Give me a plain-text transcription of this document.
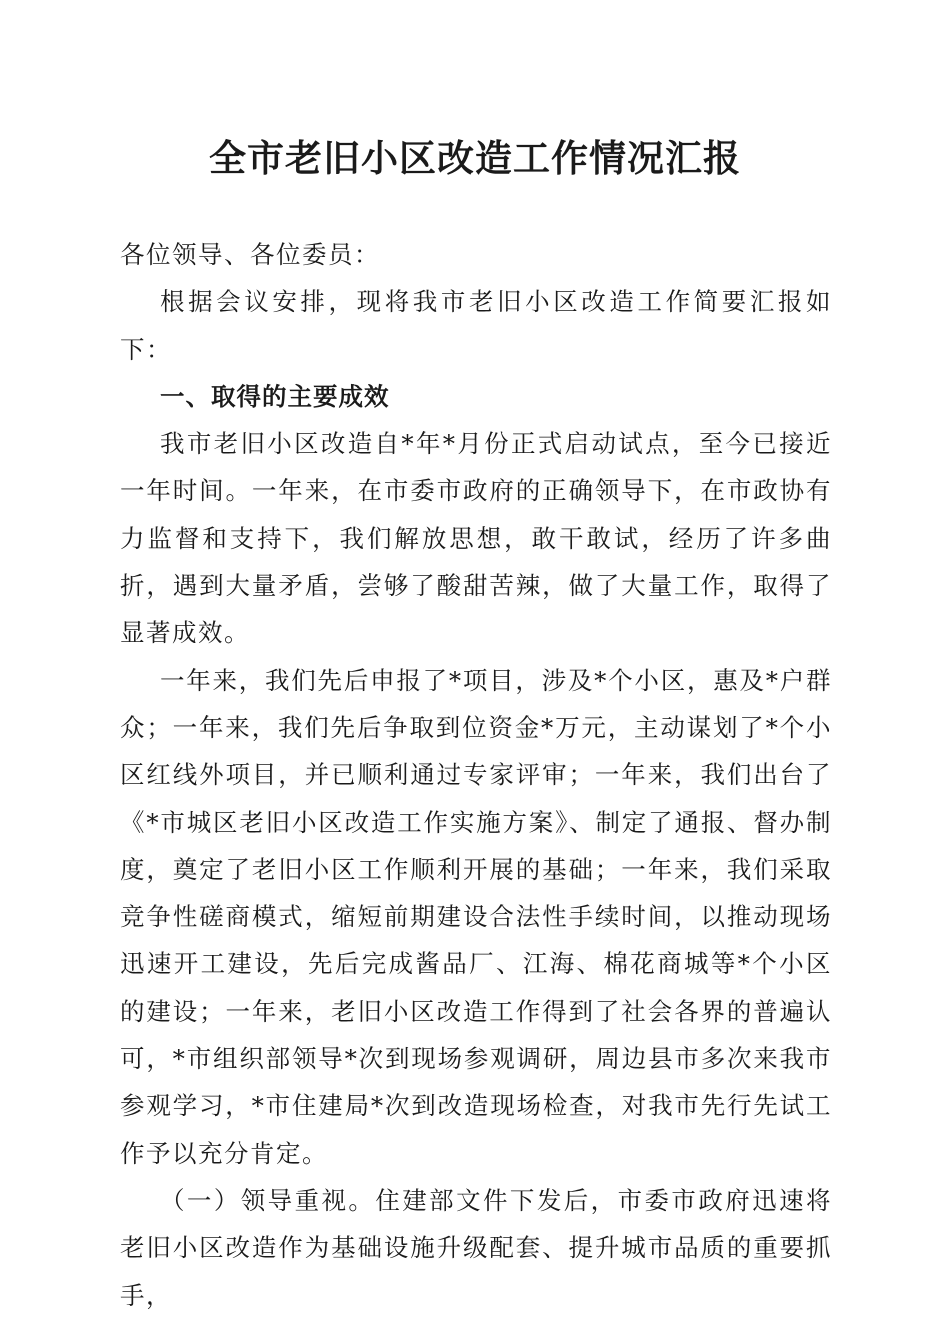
全市老旧小区改造工作情况汇报

各位领导、各位委员：

根据会议安排，现将我市老旧小区改造工作简要汇报如下：

一、取得的主要成效

我市老旧小区改造自*年*月份正式启动试点，至今已接近一年时间。一年来，在市委市政府的正确领导下，在市政协有力监督和支持下，我们解放思想，敢干敢试，经历了许多曲折，遇到大量矛盾，尝够了酸甜苦辣，做了大量工作，取得了显著成效。

一年来，我们先后申报了*项目，涉及*个小区，惠及*户群众；一年来，我们先后争取到位资金*万元，主动谋划了*个小区红线外项目，并已顺利通过专家评审；一年来，我们出台了《*市城区老旧小区改造工作实施方案》、制定了通报、督办制度，奠定了老旧小区工作顺利开展的基础；一年来，我们采取竞争性磋商模式，缩短前期建设合法性手续时间，以推动现场迅速开工建设，先后完成酱品厂、江海、棉花商城等*个小区的建设；一年来，老旧小区改造工作得到了社会各界的普遍认可，*市组织部领导*次到现场参观调研，周边县市多次来我市参观学习，*市住建局*次到改造现场检查，对我市先行先试工作予以充分肯定。

（一）领导重视。住建部文件下发后，市委市政府迅速将老旧小区改造作为基础设施升级配套、提升城市品质的重要抓手，
